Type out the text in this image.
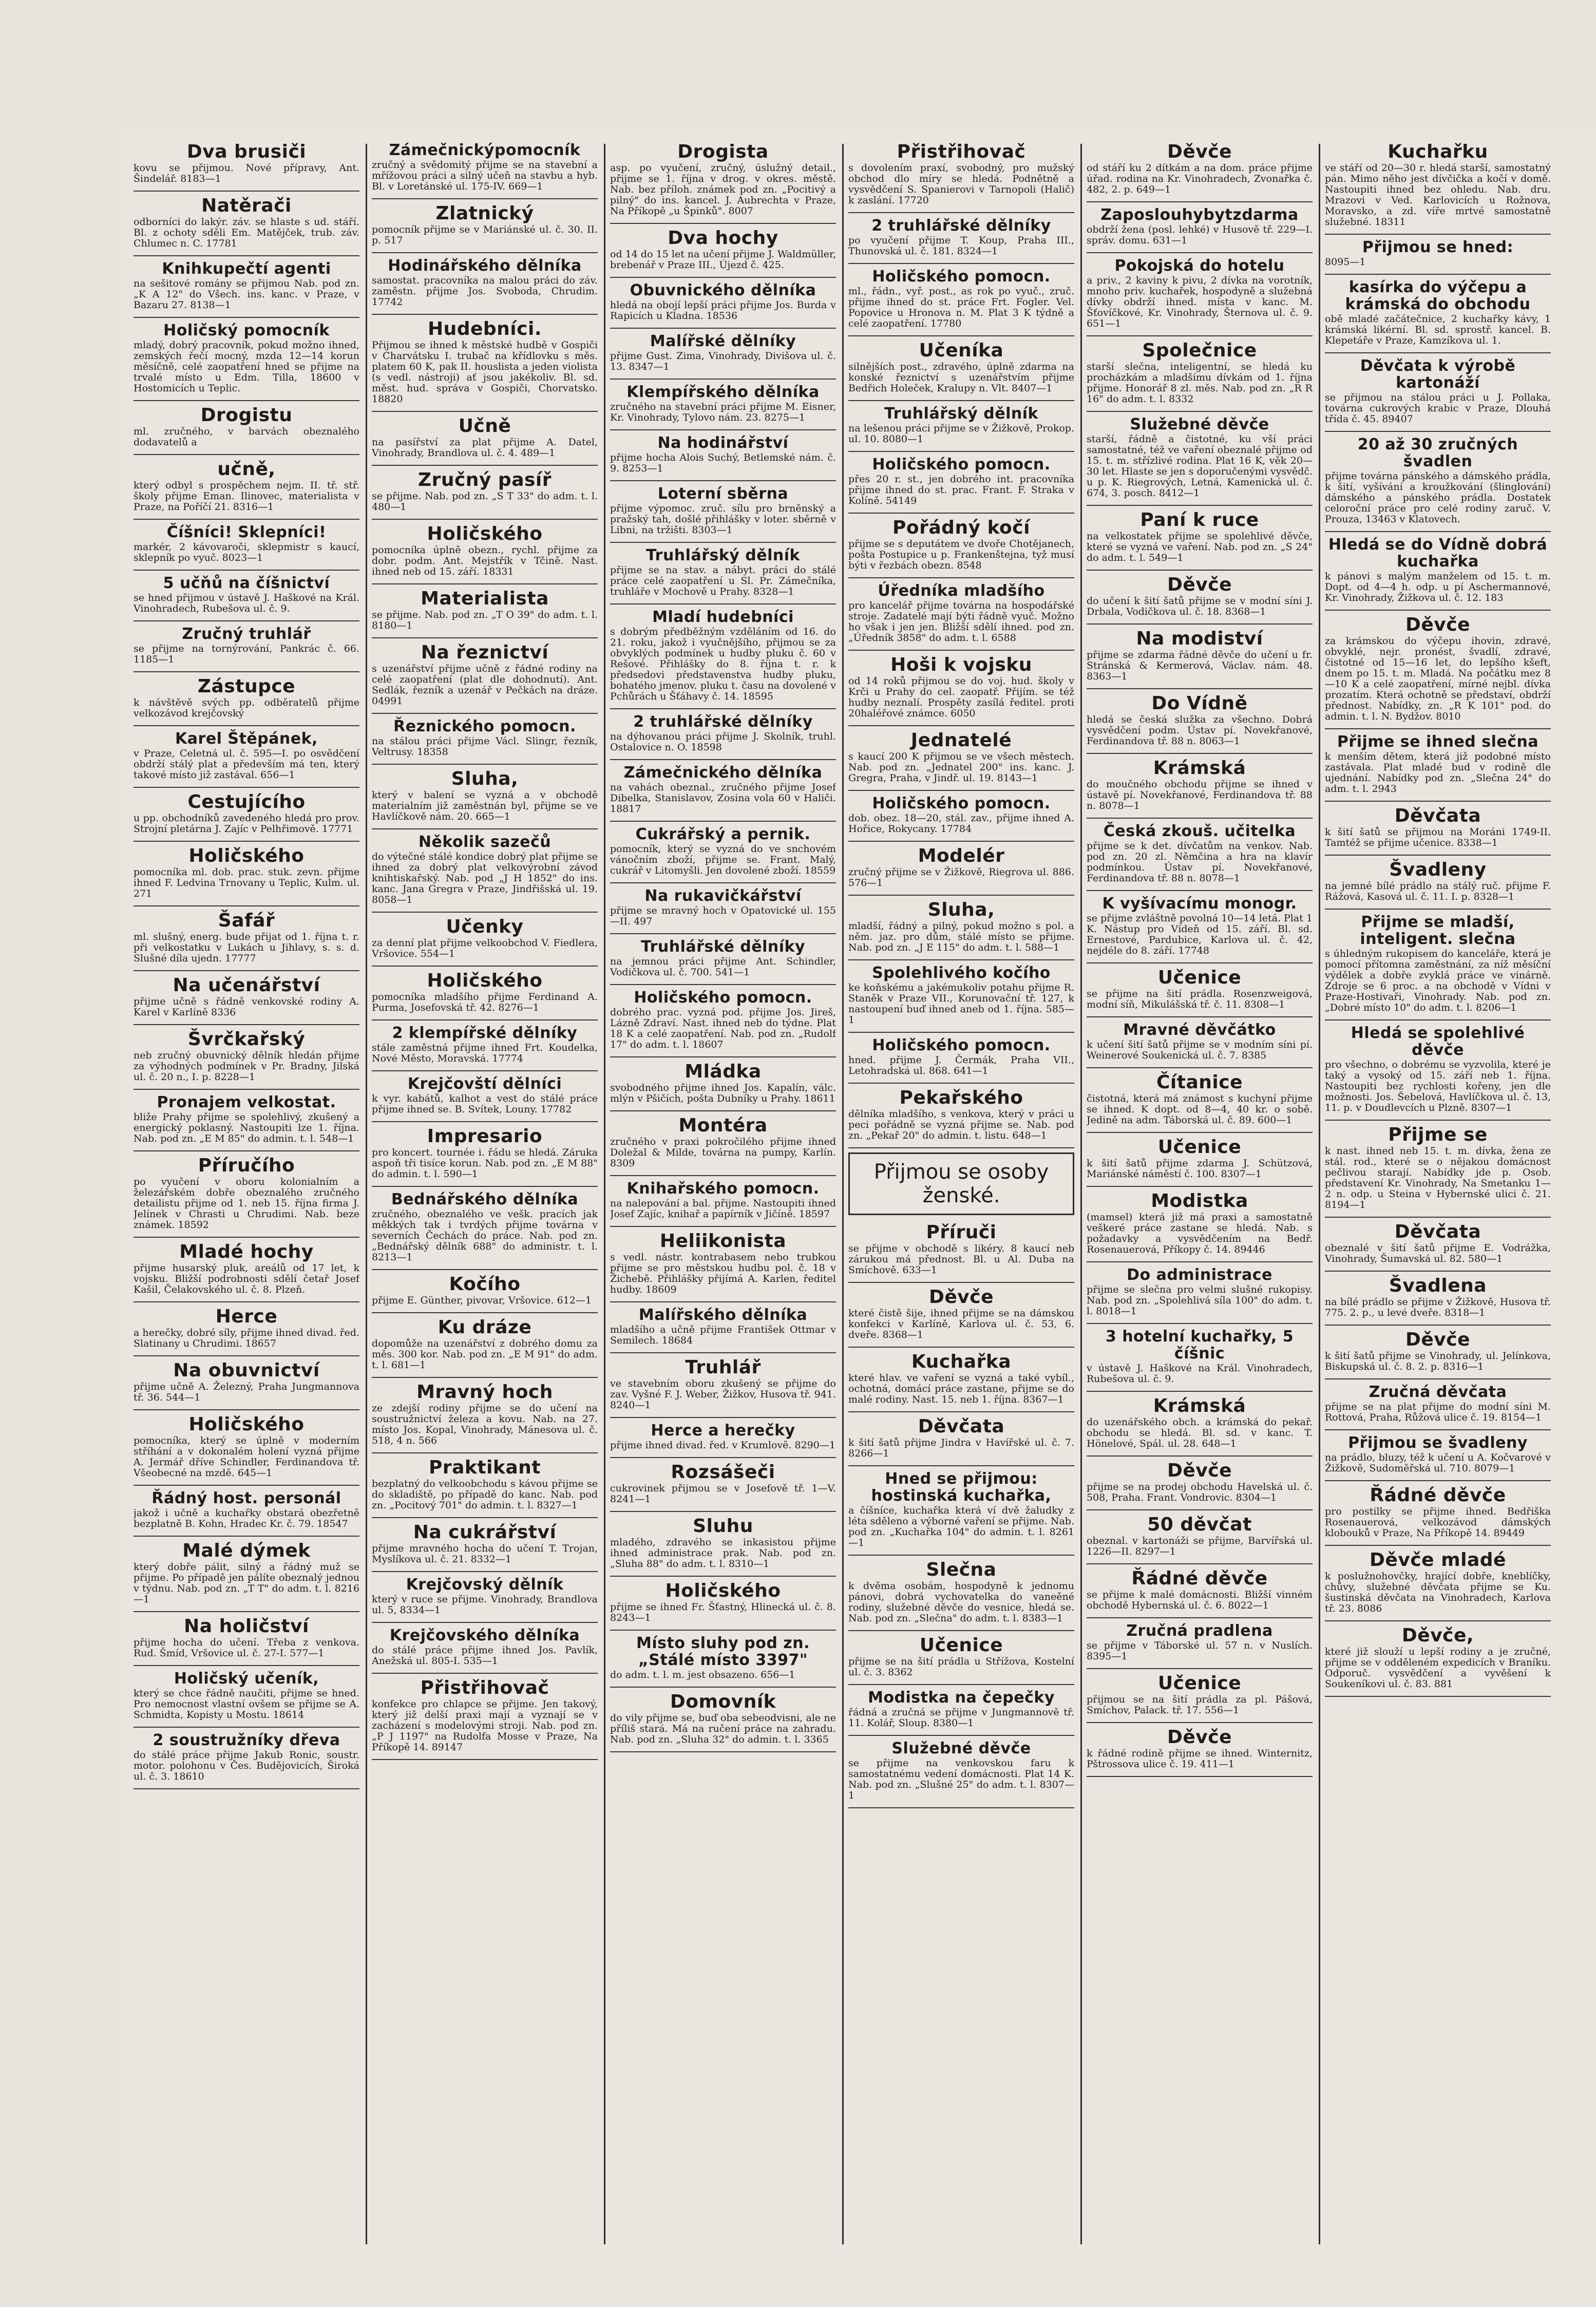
Dva brusiči
kovu se přijmou. Nové přípravy, Ant. Šindelář. 8183—1
Natěrači
odborníci do lakýr. záv. se hlaste s ud. stáří. Bl. z ochoty sděli Em. Matějček, trub. záv. Chlumec n. C. 17781
Knihkupečtí agenti
na sešitové romány se přijmou Nab. pod zn. „K A 12" do Všech. ins. kanc. v Praze, v Bazaru 27. 8138—1
Holičský pomocník
mladý, dobrý pracovník, pokud možno ihned, zemských řečí mocný, mzda 12—14 korun měsíčně, celé zaopatření hned se přijme na trvalé místo u Edm. Tilla, 18600 v Hostomicích u Teplic.
Drogistu
ml. zručného, v barvách obeznalého dodavatelů a
učně,
který odbyl s prospěchem nejm. II. tř. stř. školy přijme Eman. Ilinovec, materialista v Praze, na Poříčí 21. 8316—1
Číšníci! Sklepníci!
markér, 2 kávovaroči, sklepmistr s kaucí, sklepník po vyuč. 8023—1
5 učňů na číšnictví
se hned přijmou v ústavě J. Haškové na Král. Vinohradech, Rubešova ul. č. 9.
Zručný truhlář
se přijme na tornýrování, Pankrác č. 66. 1185—1
Zástupce
k návštěvě svých pp. odběratelů přijme velkozávod krejčovský
Karel Štěpánek,
v Praze, Celetná ul. č. 595—I. po osvědčení obdrží stálý plat a především má ten, který takové místo již zastával. 656—1
Cestujícího
u pp. obchodníků zavedeného hledá pro prov. Strojní pletárna J. Zajíc v Pelhřimově. 17771
Holičského
pomocníka ml. dob. prac. stuk. zevn. přijme ihned F. Ledvina Trnovany u Teplic, Kulm. ul. 271
Šafář
ml. slušný, energ. bude přijat od 1. října t. r. při velkostatku v Lukách u Jihlavy, s. s. d. Slušné díla ujedn. 17777
Na učenářství
přijme učně s řádně venkovské rodiny A. Karel v Karlíně 8336
Švrčkařský
neb zručný obuvnický dělník hledán přijme za výhodných podmínek v Pr. Bradny, Jilská ul. č. 20 n., I. p. 8228—1
Pronajem velkostat.
bliže Prahy přijme se spolehlivý, zkušený a energický poklasný. Nastoupiti lze 1. října. Nab. pod zn. „E M 85" do admin. t. l. 548—1
Příručího
po vyučení v oboru kolonialním a železářském dobře obeznalého zručného detailistu přijme od 1. neb 15. října firma J. Jelínek v Chrasti u Chrudimi. Nab. beze známek. 18592
Mladé hochy
přijme husarský pluk, areálů od 17 let, k vojsku. Bližší podrobnosti sdělí četař Josef Kašil, Čelakovského ul. č. 8. Plzeň.
Herce
a herečky, dobré síly, přijme ihned divad. řed. Slatinany u Chrudimi. 18657
Na obuvnictví
přijme učně A. Železný, Praha Jungmannova tř. 36. 544—1
Holičského
pomocníka, který se úplně v moderním stříhání a v dokonalém holení vyzná přijme A. Jermář dříve Schindler, Ferdinandova tř. Všeobecné na mzdě. 645—1
Řádný host. personál
jakož i učně a kuchařky obstará obezřetně bezplatně B. Kohn, Hradec Kr. č. 79. 18547
Malé dýmek
který dobře pálit, silný a řádný muž se přijme. Po případě jen pálíte obeznalý jednou v týdnu. Nab. pod zn. „T T" do adm. t. l. 8216—1
Na holičství
přijme hocha do učení. Třeba z venkova. Rud. Šmíd, Vršovice ul. č. 27-I. 577—1
Holičský učeník,
který se chce řádně naučiti, přijme se hned. Pro nemocnost vlastní ovšem se přijme se A. Schmidta, Kopisty u Mostu. 18614
2 soustružníky dřeva
do stálé práce přijme Jakub Ronic, soustr. motor. polohonu v Čes. Budějovicích, Široká ul. č. 3. 18610
Zámečnickýpomocník
zručný a svědomitý přijme se na stavební a mřížovou práci a silný učeň na stavbu a hyb. Bl. v Loretánské ul. 175-IV. 669—1
Zlatnický
pomocník přijme se v Mariánské ul. č. 30. II. p. 517
Hodinářského dělníka
samostat. pracovníka na malou práci do záv. zaměstn. přijme Jos. Svoboda, Chrudim. 17742
Hudebníci.
Přijmou se ihned k městské hudbě v Gospiči v Charvátsku I. trubač na křídlovku s měs. platem 60 K, pak II. houslista a jeden violista (s vedl. nástroji) ať jsou jakékoliv. Bl. sd. měst. hud. správa v Gospiči, Chorvatsko. 18820
Učně
na pasířství za plat přijme A. Datel, Vinohrady, Brandlova ul. č. 4. 489—1
Zručný pasíř
se přijme. Nab. pod zn. „S T 33" do adm. t. l. 480—1
Holičského
pomocníka úplně obezn., rychl. přijme za dobr. podm. Ant. Mejstřík v Tčině. Nast. ihned neb od 15. září. 18331
Materialista
se přijme. Nab. pod zn. „T O 39" do adm. t. l. 8180—1
Na řeznictví
s uzenářství přijme učně z řádné rodiny na celé zaopatření (plat dle dohodnutí). Ant. Sedlák, řezník a uzenář v Pečkách na dráze. 04991
Řeznického pomocn.
na stálou práci přijme Václ. Slingr, řezník, Veltrusy. 18358
Sluha,
který v balení se vyzná a v obchodě materialním již zaměstnán byl, přijme se ve Havlíčkově nám. 20. 665—1
Několik sazečů
do výtečné stálé kondice dobrý plat přijme se ihned za dobrý plat velkovýrobní závod knihtiskařský. Nab. pod „J H 1852" do ins. kanc. Jana Gregra v Praze, Jindřišská ul. 19. 8058—1
Učenky
za denní plat přijme velkoobchod V. Fiedlera, Vršovice. 554—1
Holičského
pomocníka mladšího přijme Ferdinand A. Purma, Josefovská tř. 42. 8276—1
2 klempířské dělníky
stále zaměstná přijme ihned Frt. Koudelka, Nové Město, Moravská. 17774
Krejčovští dělníci
k vyr. kabátů, kalhot a vest do stálé práce přijme ihned se. B. Svítek, Louny. 17782
Impresario
pro koncert. tournée i. řádu se hledá. Záruka aspoň tři tisíce korun. Nab. pod zn. „E M 88" do admin. t. l. 590—1
Bednářského dělníka
zručného, obeznalého ve vešk. pracích jak měkkých tak i tvrdých přijme továrna v severních Čechách do práce. Nab. pod zn. „Bednářský dělník 688" do administr. t. l. 8213—1
Kočího
přijme E. Günther, pivovar, Vršovice. 612—1
Ku dráze
dopomůže na uzenářství z dobrého domu za měs. 300 kor. Nab. pod zn. „E M 91" do adm. t. l. 681—1
Mravný hoch
ze zdejší rodiny přijme se do učení na soustružnictví železa a kovu. Nab. na 27. místo Jos. Kopal, Vinohrady, Mánesova ul. č. 518, 4 n. 566
Praktikant
bezplatný do velkoobchodu s kávou přijme se do skladiště, po případě do kanc. Nab. pod zn. „Pocitový 701" do admin. t. l. 8327—1
Na cukrářství
přijme mravného hocha do učení T. Trojan, Myslíkova ul. č. 21. 8332—1
Krejčovský dělník
který v ruce se přijme. Vinohrady, Brandlova ul. 5, 8334—1
Krejčovského dělníka
do stálé práce přijme ihned Jos. Pavlík, Anežská ul. 805-I. 535—1
Přistřihovač
konfekce pro chlapce se přijme. Jen takový, který již delší praxi mají a vyznají se v zacházení s modelovými stroji. Nab. pod zn. „P J 1197" na Rudolfa Mosse v Praze, Na Příkopě 14. 89147
Drogista
asp. po vyučení, zručný, úslužný detail., přijme se 1. října v drog. v okres. městě. Nab. bez příloh. známek pod zn. „Pocitivý a pilný" do ins. kancel. J. Aubrechta v Praze, Na Příkopě „u Špinků". 8007
Dva hochy
od 14 do 15 let na učení přijme J. Waldmüller, brebenář v Praze III., Újezd č. 425.
Obuvnického dělníka
hledá na obojí lepší práci přijme Jos. Burda v Rapicích u Kladna. 18536
Malířské dělníky
přijme Gust. Zima, Vinohrady, Divišova ul. č. 13. 8347—1
Klempířského dělníka
zručného na stavební práci přijme M. Eisner, Kr. Vinohrady, Tylovo nám. 23. 8275—1
Na hodinářství
přijme hocha Alois Suchý, Betlemské nám. č. 9. 8253—1
Loterní sběrna
přijme výpomoc. zruč. sílu pro brněnský a pražský tah, došlé přihlášky v loter. sběrně v Libni, na tržišti. 8303—1
Truhlářský dělník
přijme se na stav. a nábyt. práci do stálé práce celé zaopatření u Sl. Pr. Zámečníka, truhláře v Mochově u Prahy. 8328—1
Mladí hudebníci
s dobrým předběžným vzděláním od 16. do 21. roku, jakož i vyučnějšího, přijmou se za obvyklých podmínek u hudby pluku č. 60 v Rešové. Přihlášky do 8. října t. r. k předsedovi představenstva hudby pluku, bohatého jmenov. pluku t. času na dovolené v Pchůrách u Šťáhavy č. 14. 18595
2 truhlářské dělníky
na dýhovanou práci přijme J. Skolník, truhl. Ostalovice n. O. 18598
Zámečnického dělníka
na vahách obeznal., zručného přijme Josef Dibelka, Stanislavov, Zosina vola 60 v Haliči. 18817
Cukrářský a pernik.
pomocník, který se vyzná do ve snchovém vánočním zboží, přijme se. Frant. Malý, cukrář v Litomyšli. Jen dovolené zboží. 18559
Na rukavičkářství
přijme se mravný hoch v Opatovické ul. 155—II. 497
Truhlářské dělníky
na jemnou práci přijme Ant. Schindler, Vodičkova ul. č. 700. 541—1
Holičského pomocn.
dobrého prac. vyzná pod. přijme Jos. Jireš, Lázně Zdraví. Nast. ihned neb do týdne. Plat 18 K a celé zaopatření. Nab. pod zn. „Rudolf 17" do adm. t. l. 18607
Mládka
svobodného přijme ihned Jos. Kapalín, válc. mlýn v Pšičích, pošta Dubníky u Prahy. 18611
Montéra
zručného v praxi pokročilého přijme ihned Doležal & Milde, továrna na pumpy, Karlín. 8309
Knihařského pomocn.
na nalepování a bal. přijme. Nastoupiti ihned Josef Zajíc, knihař a papírník v Jičíně. 18597
Heliikonista
s vedl. nástr. kontrabasem nebo trubkou přijme se pro městskou hudbu pol. č. 18 v Žichebě. Přihlášky přijímá A. Karlen, ředitel hudby. 18609
Malířského dělníka
mladšího a učně přijme František Ottmar v Semilech. 18684
Truhlář
ve stavebním oboru zkušený se přijme do zav. Vyšné F. J. Weber, Žižkov, Husova tř. 941. 8240—1
Herce a herečky
přijme ihned divad. řed. v Krumlově. 8290—1
Rozsášeči
cukrovinek přijmou se v Josefově tř. 1—V. 8241—1
Sluhu
mladého, zdravého se inkasistou přijme ihned administrace prak. Nab. pod zn. „Sluha 88" do adm. t. l. 8310—1
Holičského
přijme se ihned Fr. Šťastný, Hlinecká ul. č. 8. 8243—1
Místo sluhy pod zn. „Stálé místo 3397"
do adm. t. l. m. jest obsazeno. 656—1
Domovník
do vily přijme se, buď oba sebeodvisni, ale ne příliš stará. Má na ručení práce na zahradu. Nab. pod zn. „Sluha 32" do admin. t. l. 3365
Přistřihovač
s dovolením praxí, svobodný, pro mužský obchod dlo míry se hledá. Podnětně a vysvědčení S. Spanierovi v Tarnopoli (Halič) k zaslání. 17720
2 truhlářské dělníky
po vyučení přijme T. Koup, Praha III., Thunovská ul. č. 181. 8324—1
Holičského pomocn.
ml., řádn., vyř. post., as rok po vyuč., zruč. přijme ihned do st. práce Frt. Fogler. Vel. Popovice u Hronova n. M. Plat 3 K týdně a celé zaopatření. 17780
Učeníka
silnějších post., zdravého, úplně zdarma na konské řeznictví s uzenářstvím přijme Bedřich Holeček, Kralupy n. Vlt. 8407—1
Truhlářský dělník
na lešenou práci přijme se v Žižkově, Prokop. ul. 10. 8080—1
Holičského pomocn.
přes 20 r. st., jen dobrého int. pracovníka přijme ihned do st. prac. Frant. F. Straka v Kolíně. 54149
Pořádný kočí
přijme se s deputátem ve dvoře Chotějanech, pošta Postupice u p. Frankenštejna, tyž musí býti v řezbách obezn. 8548
Úředníka mladšího
pro kancelář přijme továrna na hospodářské stroje. Zadatelé mají býti řádně vyuč. Možno ho však i jen jen. Bližší sdělí ihned. pod zn. „Úředník 3858" do adm. t. l. 6588
Hoši k vojsku
od 14 roků přijmou se do voj. hud. školy v Krči u Prahy do cel. zaopatř. Přijím. se též hudby neznalí. Prospěty zasílá ředitel. proti 20haléřové známce. 6050
Jednatelé
s kaucí 200 K přijmou se ve všech městech. Nab. pod zn. „Jednatel 200" ins. kanc. J. Gregra, Praha, v Jindř. ul. 19. 8143—1
Holičského pomocn.
dob. obez. 18—20, stál. zav., přijme ihned A. Hořice, Rokycany. 17784
Modelér
zručný přijme se v Žižkově, Riegrova ul. 886. 576—1
Sluha,
mladší, řádný a pilný, pokud možno s pol. a něm. jaz. pro dům, stálé místo se přijme. Nab. pod zn. „J E 115" do adm. t. l. 588—1
Spolehlivého kočího
ke koňskému a jakémukoliv potahu přijme R. Staněk v Praze VII., Korunovační tř. 127, k nastoupení buď ihned aneb od 1. října. 585—1
Holičského pomocn.
hned. přijme J. Čermák, Praha VII., Letohradská ul. 868. 641—1
Pekařského
dělníka mladšího, s venkova, který v práci u peci pořádně se vyzná přijme se. Nab. pod zn. „Pekař 20" do admin. t. listu. 648—1
Přijmou se osoby ženské.
Příruči
se přijme v obchodě s likéry. 8 kaucí neb zárukou má přednost. Bl. u Al. Duba na Smíchově. 633—1
Děvče
které čistě šije, ihned přijme se na dámskou konfekci v Karlíně, Karlova ul. č. 53, 6. dveře. 8368—1
Kuchařka
které hlav. ve vaření se vyzná a také vybíl., ochotná, domácí práce zastane, přijme se do malé rodiny. Nast. 15. neb 1. října. 8367—1
Děvčata
k šití šatů přijme Jindra v Havířské ul. č. 7. 8266—1
Hned se přijmou: hostinská kuchařka,
a číšníce, kuchařka která ví dvě žaludky z léta sděleno a výborné vaření se přijme. Nab. pod zn. „Kuchařka 104" do admin. t. l. 8261—1
Slečna
k dvěma osobám, hospodyně k jednomu pánovi, dobrá vychovatelka do vaneěné rodiny, služebné děvče do vesnice, hledá se. Nab. pod zn. „Slečna" do adm. t. l. 8383—1
Učenice
přijme se na šití prádla u Střížova, Kostelní ul. č. 3. 8362
Modistka na čepečky
řádná a zručná se přijme v Jungmannově tř. 11. Kolář, Sloup. 8380—1
Služebné děvče
se přijme na venkovskou faru k samostatnému vedení domácnosti. Plat 14 K. Nab. pod zn. „Slušné 25" do adm. t. l. 8307—1
Děvče
od stáří ku 2 dítkám a na dom. práce přijme úřad. rodina na Kr. Vinohradech, Zvonařka č. 482, 2. p. 649—1
Zaposlouhybytzdarma
obdrží žena (posl. lehké) v Husově tř. 229—I. správ. domu. 631—1
Pokojská do hotelu
a priv., 2 kaviny k pivu, 2 dívka na vorotník, mnoho priv. kuchařek, hospodyně a služebná dívky obdrží ihned. místa v kanc. M. Šťovíčkové, Kr. Vinohrady, Šternova ul. č. 9. 651—1
Společnice
starší slečna, inteligentní, se hledá ku procházkám a mladšímu dívkám od 1. října přijme. Honorář 8 zl. měs. Nab. pod zn. „R R 16" do adm. t. l. 8332
Služebné děvče
starší, řádně a čistotné, ku vší práci samostatné, též ve vaření obeznalé přijme od 15. t. m. střízlivé rodina. Plat 16 K, věk 20—30 let. Hlaste se jen s doporučenými vysvědč. u p. K. Riegrových, Letná, Kamenická ul. č. 674, 3. posch. 8412—1
Paní k ruce
na velkostatek přijme se spolehlivé děvče, které se vyzná ve vaření. Nab. pod zn. „S 24" do adm. t. l. 549—1
Děvče
do učení k šití šatů přijme se v modní síni J. Drbala, Vodičkova ul. č. 18. 8368—1
Na modiství
přijme se zdarma řádné děvče do učení u fr. Stránská & Kermerová, Václav. nám. 48. 8363—1
Do Vídně
hledá se česká služka za všechno. Dobrá vysvědčení podm. Ústav pí. Novekřanové, Ferdinandova tř. 88 n. 8063—1
Krámská
do moučného obchodu přijme se ihned v ústavě pí. Novekřanové, Ferdinandova tř. 88 n. 8078—1
Česká zkouš. učitelka
přijme se k det. dívčatům na venkov. Nab. pod zn. 20 zl. Němčina a hra na klavír podmínkou. Ústav pí. Novekřanové, Ferdinandova tř. 88 n. 8078—1
K vyšívacímu monogr.
se přijme zvláštně povolná 10—14 letá. Plat 1 K. Nástup pro Vídeň od 15. září. Bl. sd. Ernestové, Pardubice, Karlova ul. č. 42, nejdéle do 8. září. 17748
Učenice
se přijme na šití prádla. Rosenzweigová, modní síň, Mikulášská tř. č. 11. 8308—1
Mravné děvčátko
k učení šití šatů přijme se v modním síni pí. Weinerové Soukenická ul. č. 7. 8385
Čítanice
čistotná, která má známost s kuchyní přijme se ihned. K dopt. od 8—4, 40 kr. o sobě. Jedině na adm. Táborská ul. č. 89. 600—1
Učenice
k šití šatů přijme zdarma J. Schützová, Mariánské náměstí č. 100. 8307—1
Modistka
(mamsel) která již má praxi a samostatně veškeré práce zastane se hledá. Nab. s požadavky a vysvědčením na Bedř. Rosenauerová, Příkopy č. 14. 89446
Do administrace
přijme se slečna pro velmi slušné rukopisy. Nab. pod zn. „Spolehlivá síla 100" do adm. t. l. 8018—1
3 hotelní kuchařky, 5 číšnic
v ústavě J. Haškové na Král. Vinohradech, Rubešova ul. č. 9.
Krámská
do uzenářského obch. a krámská do pekař. obchodu se hledá. Bl. sd. v kanc. T. Hönelové, Spál. ul. 28. 648—1
Děvče
přijme se na prodej obchodu Havelská ul. č. 508, Praha. Frant. Vondrovic. 8304—1
50 děvčat
obeznal. v kartonáži se přijme, Barvířská ul. 1226—II. 8297—1
Řádné děvče
se přijme k malé domácnosti. Bližší vinném obchodě Hybernská ul. č. 6. 8022—1
Zručná pradlena
se přijme v Táborské ul. 57 n. v Nuslích. 8395—1
Učenice
přijmou se na šití prádla za pl. Pášová, Smíchov, Palack. tř. 17. 556—1
Děvče
k řádné rodině přijme se ihned. Winternitz, Pštrossova ulice č. 19. 411—1
Kuchařku
ve stáří od 20—30 r. hledá starší, samostatný pán. Mimo něho jest dívčička a kočí v domě. Nastoupiti ihned bez ohledu. Nab. dru. Mrazovi v Ved. Karlovicích u Rožnova, Moravsko, a zd. víře mrtvé samostatně služebné. 18311
Přijmou se hned:
8095—1
kasírka do výčepu a krámská do obchodu
obě mladé začátečnice, 2 kuchařky kávy, 1 krámská likérní. Bl. sd. sprostř. kancel. B. Klepetáře v Praze, Kamzíkova ul. 1.
Děvčata k výrobě kartonáží
se přijmou na stálou práci u J. Pollaka, továrna cukrových krabic v Praze, Dlouhá třída č. 45. 89407
20 až 30 zručných švadlen
přijme továrna pánského a dámského prádla, k šití, vyšívání a kroužkování (šlinglování) dámského a pánského prádla. Dostatek celoroční práce pro celé rodiny zaruč. V. Prouza, 13463 v Klatovech.
Hledá se do Vídně dobrá kuchařka
k pánovi s malým manželem od 15. t. m. Dopt. od 4—4 h. odp. u pí Aschermannové, Kr. Vinohrady, Žižkova ul. č. 12. 183
Děvče
za krámskou do výčepu ihovin, zdravé, obvyklé, nejr. pronést, švadlí, zdravé, čistotné od 15—16 let, do lepšího kšeft, dnem po 15. t. m. Mladá. Na počátku mez 8—10 K a celé zaopatření, mírné nejbl. dívka prozatím. Která ochotně se představí, obdrží přednost. Nabídky, zn. „R K 101" pod. do admin. t. l. N. Bydžov. 8010
Přijme se ihned slečna
k menším dětem, která již podobné místo zastávala. Plat mladé bud v rodině dle ujednání. Nabídky pod zn. „Slečna 24" do adm. t. l. 2943
Děvčata
k šití šatů se přijmou na Moráni 1749-II. Tamtéž se přijme učenice. 8338—1
Švadleny
na jemné bílé prádlo na stálý ruč. přijme F. Rážová, Kasová ul. č. 11. I. p. 8328—1
Přijme se mladší, inteligent. slečna
s úhledným rukopisem do kanceláře, která je pomocí přítomna zaměstnání, za níž měsíční výdělek a dobře zvyklá práce ve vinárně. Zdroje se 6 proc. a na obchodě v Vídni v Praze-Hostivaři, Vinohrady. Nab. pod zn. „Dobré místo 10" do adm. t. l. 8206—1
Hledá se spolehlivé děvče
pro všechno, o dobrému se vyzvolila, které je taký a vysoký od 15. září neb 1. října. Nastoupiti bez rychlosti kořeny, jen dle možnosti. Jos. Šebelová, Havlíčkova ul. č. 13, 11. p. v Doudlevcích u Plzně. 8307—1
Přijme se
k nast. ihned neb 15. t. m. dívka, žena ze stál. rod., které se o nějakou domácnost pečlivou starají. Nabídky jde p. Osob. představení Kr. Vinohrady, Na Smetanku 1—2 n. odp. u Steina v Hybernské ulici č. 21. 8194—1
Děvčata
obeznalé v šití šatů přijme E. Vodrážka, Vinohrady, Šumavská ul. 82. 580—1
Švadlena
na bílé prádlo se přijme v Žižkově, Husova tř. 775. 2. p., u levé dveře. 8318—1
Děvče
k šití šatů přijme se Vinohrady, ul. Jelínkova, Biskupská ul. č. 8. 2. p. 8316—1
Zručná děvčata
přijme se na plat přijme do modní síni M. Rottová, Praha, Růžová ulice č. 19. 8154—1
Přijmou se švadleny
na prádlo, bluzy, též k učení u A. Kočvarové v Žižkově, Sudoměřská ul. 710. 8079—1
Řádné děvče
pro postilky se přijme ihned. Bedřiška Rosenauerová, velkozávod dámských klobouků v Praze, Na Příkopě 14. 89449
Děvče mladé
k poslužnohovčky, hrající dobře, kneblíčky, chůvy, služebné děvčata přijme se Ku. šustinská děvčata na Vinohradech, Karlova tř. 23. 8086
Děvče,
které již slouží u lepší rodiny a je zručné, přijme se v odděleném expedicích v Braníku. Odporuč. vysvědčení a vyvěšení k Soukeníkovi ul. č. 83. 881
